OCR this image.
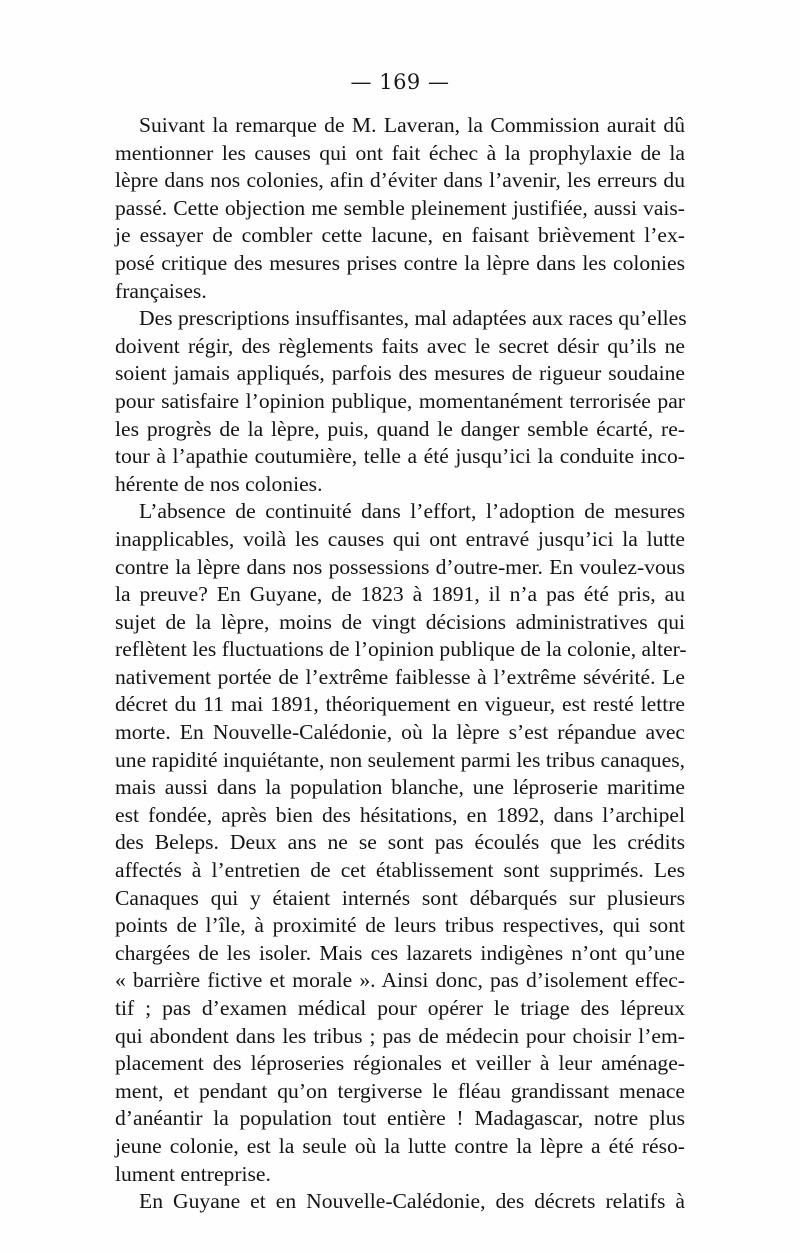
— 169 —
Suivant la remarque de M. Laveran, la Commission aurait dû
mentionner les causes qui ont fait échec à la prophylaxie de la
lèpre dans nos colonies, afin d’éviter dans l’avenir, les erreurs du
passé. Cette objection me semble pleinement justifiée, aussi vais-
je essayer de combler cette lacune, en faisant brièvement l’ex-
posé critique des mesures prises contre la lèpre dans les colonies
françaises.
Des prescriptions insuffisantes, mal adaptées aux races qu’elles
doivent régir, des règlements faits avec le secret désir qu’ils ne
soient jamais appliqués, parfois des mesures de rigueur soudaine
pour satisfaire l’opinion publique, momentanément terrorisée par
les progrès de la lèpre, puis, quand le danger semble écarté, re-
tour à l’apathie coutumière, telle a été jusqu’ici la conduite inco-
hérente de nos colonies.
L’absence de continuité dans l’effort, l’adoption de mesures
inapplicables, voilà les causes qui ont entravé jusqu’ici la lutte
contre la lèpre dans nos possessions d’outre-mer. En voulez-vous
la preuve? En Guyane, de 1823 à 1891, il n’a pas été pris, au
sujet de la lèpre, moins de vingt décisions administratives qui
reflètent les fluctuations de l’opinion publique de la colonie, alter-
nativement portée de l’extrême faiblesse à l’extrême sévérité. Le
décret du 11 mai 1891, théoriquement en vigueur, est resté lettre
morte. En Nouvelle-Calédonie, où la lèpre s’est répandue avec
une rapidité inquiétante, non seulement parmi les tribus canaques,
mais aussi dans la population blanche, une léproserie maritime
est fondée, après bien des hésitations, en 1892, dans l’archipel
des Beleps. Deux ans ne se sont pas écoulés que les crédits
affectés à l’entretien de cet établissement sont supprimés. Les
Canaques qui y étaient internés sont débarqués sur plusieurs
points de l’île, à proximité de leurs tribus respectives, qui sont
chargées de les isoler. Mais ces lazarets indigènes n’ont qu’une
« barrière fictive et morale ». Ainsi donc, pas d’isolement effec-
tif ; pas d’examen médical pour opérer le triage des lépreux
qui abondent dans les tribus ; pas de médecin pour choisir l’em-
placement des léproseries régionales et veiller à leur aménage-
ment, et pendant qu’on tergiverse le fléau grandissant menace
d’anéantir la population tout entière ! Madagascar, notre plus
jeune colonie, est la seule où la lutte contre la lèpre a été réso-
lument entreprise.
En Guyane et en Nouvelle-Calédonie, des décrets relatifs à
